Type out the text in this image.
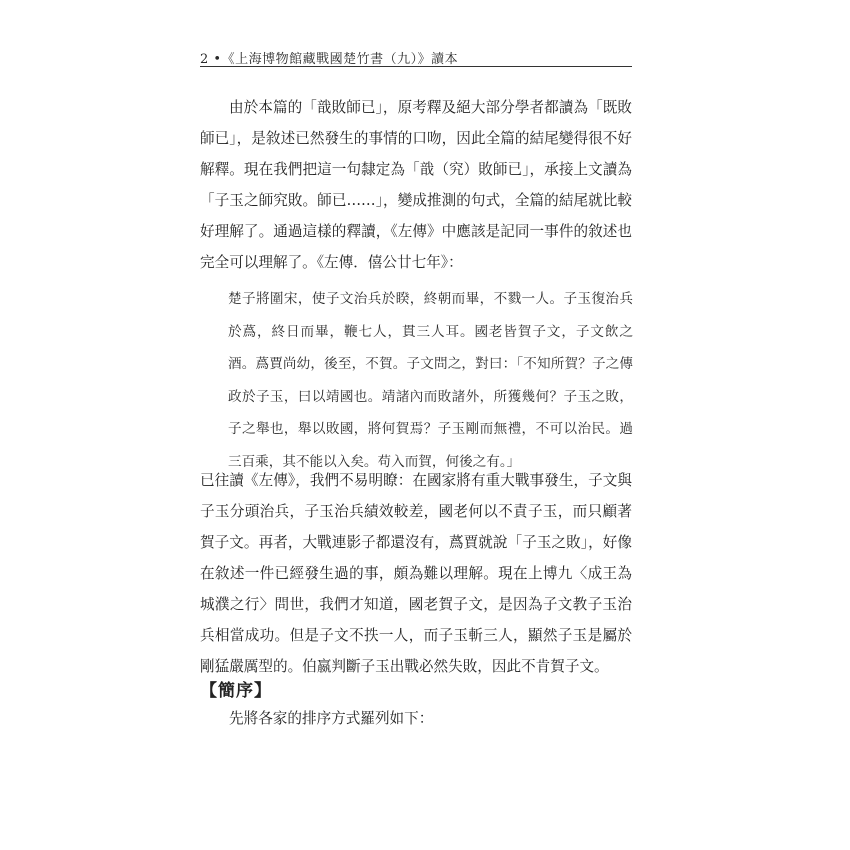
2 •《上海博物館藏戰國楚竹書（九）》讀本

由於本篇的「戠敗師已」，原考釋及絕大部分學者都讀為「既敗師已」，是敘述已然發生的事情的口吻，因此全篇的結尾變得很不好解釋。現在我們把這一句隸定為「戠（究）敗師已」，承接上文讀為「子玉之師究敗。師已……」，變成推測的句式，全篇的結尾就比較好理解了。通過這樣的釋讀，《左傳》中應該是記同一事件的敘述也完全可以理解了。《左傳．僖公廿七年》：

楚子將圍宋，使子文治兵於睽，終朝而畢，不戮一人。子玉復治兵於蔿，終日而畢，鞭七人，貫三人耳。國老皆賀子文，子文飲之酒。蔿賈尚幼，後至，不賀。子文問之，對曰：「不知所賀？子之傳政於子玉，曰以靖國也。靖諸內而敗諸外，所獲幾何？子玉之敗，子之舉也，舉以敗國，將何賀焉？子玉剛而無禮，不可以治民。過三百乘，其不能以入矣。苟入而賀，何後之有。」

已往讀《左傳》，我們不易明瞭：在國家將有重大戰事發生，子文與子玉分頭治兵，子玉治兵績效較差，國老何以不責子玉，而只顧著賀子文。再者，大戰連影子都還沒有，蔿賈就說「子玉之敗」，好像在敘述一件已經發生過的事，頗為難以理解。現在上博九〈成王為城濮之行〉問世，我們才知道，國老賀子文，是因為子文教子玉治兵相當成功。但是子文不抶一人，而子玉斬三人，顯然子玉是屬於剛猛嚴厲型的。伯嬴判斷子玉出戰必然失敗，因此不肯賀子文。

【簡序】

先將各家的排序方式羅列如下：
